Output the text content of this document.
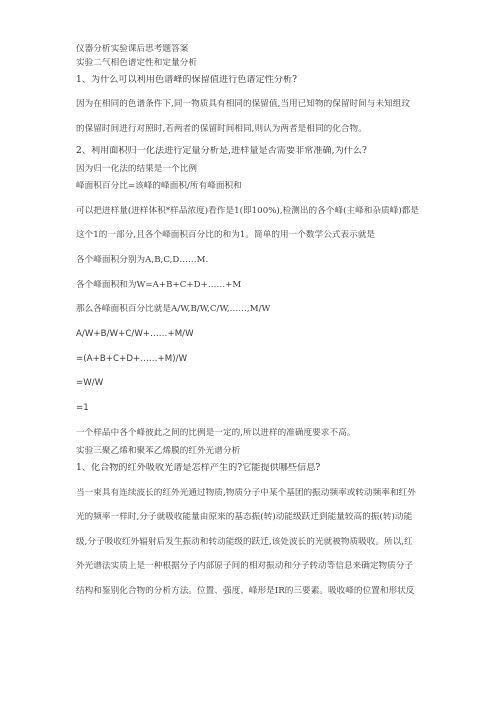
仪器分析实验课后思考题答案
实验二气相色谱定性和定量分析
1、为什么可以利用色谱峰的保留值进行色谱定性分析?
因为在相同的色谱条件下,同一物质具有相同的保留值,当用已知物的保留时间与未知组玟
的保留时间进行对照时,若两者的保留时间相同,则认为两者是相同的化合物。
2、利用面积归一化法进行定量分析是,进样量是否需要非常准确,为什么?
因为归一化法的结果是一个比例
峰面积百分比=该峰的峰面积/所有峰面积和
可以把进样量(进样体积*样品浓度)看作是1(即100%),检测出的各个峰(主峰和杂质峰)都是
这个1的一部分,且各个峰面积百分比的和为1。简单的用一个数学公式表示就是
各个峰面积分别为A,B,C,D……M.
各个峰面积和为W=A+B+C+D+……+M
那么各峰面积百分比就是A/W,B/W,C/W,……,M/W
A/W+B/W+C/W+……+M/W
=(A+B+C+D+……+M)/W
=W/W
=1
一个样品中各个峰彼此之间的比例是一定的,所以进样的准确度要求不高。
实验三聚乙烯和聚苯乙烯膜的红外光谱分析
1、化合物的红外吸收光谱是怎样产生的?它能提供哪些信息?
当一束具有连续波长的红外光通过物质,物质分子中某个基团的振动频率或转动频率和红外
光的频率一样时,分子就吸收能量由原来的基态振(转)动能级跃迁到能量较高的振(转)动能
级,分子吸收红外辐射后发生振动和转动能级的跃迁,该处波长的光就被物质吸收。所以,红
外光谱法实质上是一种根据分子内部原子间的相对振动和分子转动等信息来确定物质分子
结构和鉴别化合物的分析方法。位置、强度、峰形是IR的三要素。吸收峰的位置和形状反
